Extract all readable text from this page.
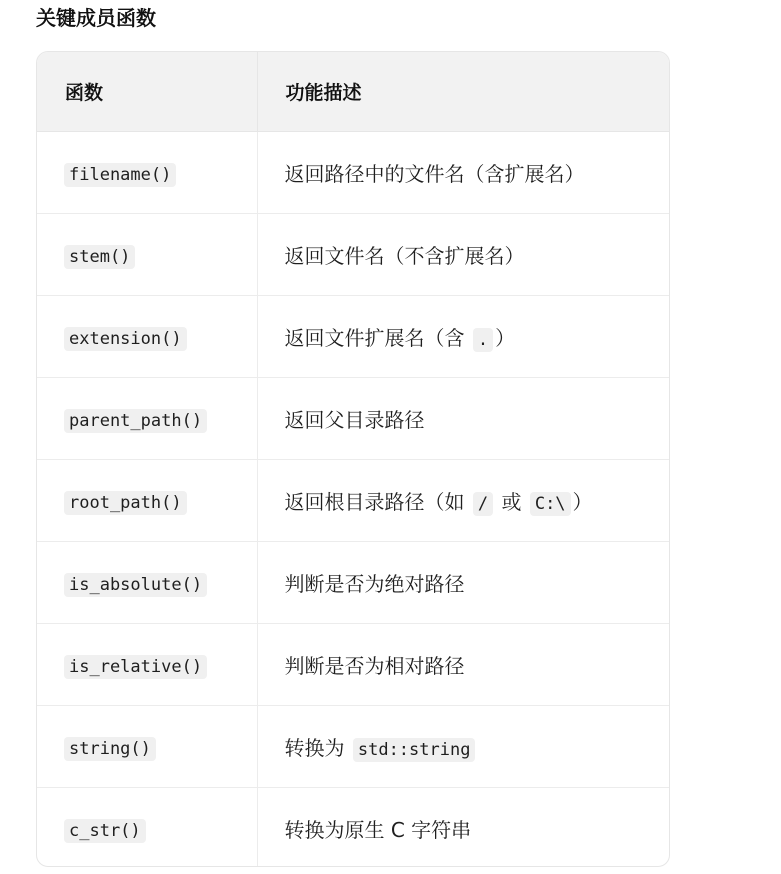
关键成员函数
函数	功能描述
filename()	返回路径中的文件名（含扩展名）
stem()	返回文件名（不含扩展名）
extension()	返回文件扩展名（含 . ）
parent_path()	返回父目录路径
root_path()	返回根目录路径（如 / 或 C:\ ）
is_absolute()	判断是否为绝对路径
is_relative()	判断是否为相对路径
string()	转换为 std::string
c_str()	转换为原生 C 字符串
